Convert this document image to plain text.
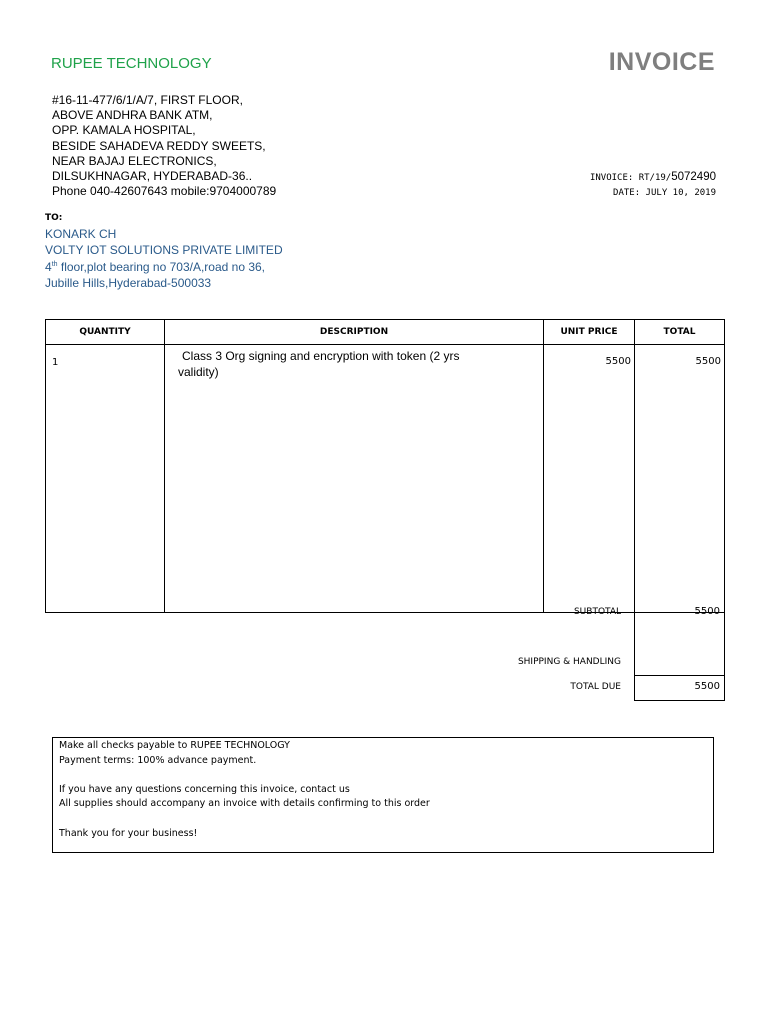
RUPEE TECHNOLOGY	INVOICE
#16-11-477/6/1/A/7, FIRST FLOOR,
ABOVE ANDHRA BANK ATM,
OPP. KAMALA HOSPITAL,
BESIDE SAHADEVA REDDY SWEETS,
NEAR BAJAJ ELECTRONICS,
DILSUKHNAGAR, HYDERABAD-36..
Phone 040-42607643 mobile:9704000789
INVOICE: RT/19/5072490
DATE: JULY 10, 2019
TO:
KONARK CH
VOLTY IOT SOLUTIONS PRIVATE LIMITED
4th floor,plot bearing no 703/A,road no 36,
Jubille Hills,Hyderabad-500033
QUANTITY	DESCRIPTION	UNIT PRICE	TOTAL
1	Class 3 Org signing and encryption with token (2 yrs
validity)	5500	5500
SUBTOTAL	5500
SHIPPING & HANDLING
TOTAL DUE	5500
Make all checks payable to RUPEE TECHNOLOGY
Payment terms: 100% advance payment.
If you have any questions concerning this invoice, contact us
All supplies should accompany an invoice with details confirming to this order
Thank you for your business!
